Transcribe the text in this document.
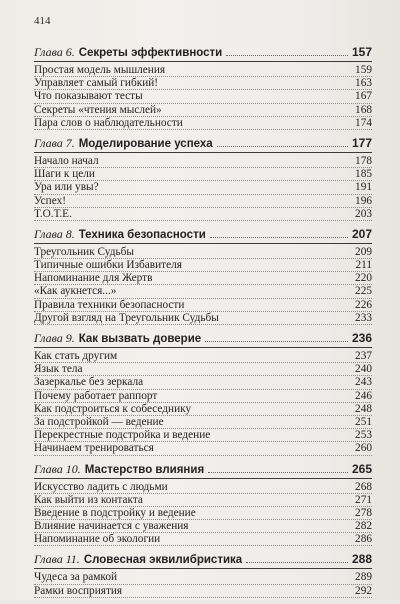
414
Глава 6. Секреты эффективности	157
Простая модель мышления	159
Управляет самый гибкий!	163
Что показывают тесты	167
Секреты «чтения мыслей»	168
Пара слов о наблюдательности	174
Глава 7. Моделирование успеха	177
Начало начал	178
Шаги к цели	185
Ура или увы?	191
Успех!	196
Т.О.Т.Е.	203
Глава 8. Техника безопасности	207
Треугольник Судьбы	209
Типичные ошибки Избавителя	211
Напоминание для Жертв	220
«Как аукнется...»	225
Правила техники безопасности	226
Другой взгляд на Треугольник Судьбы	233
Глава 9. Как вызвать доверие	236
Как стать другим	237
Язык тела	240
Зазеркалье без зеркала	243
Почему работает раппорт	246
Как подстроиться к собеседнику	248
За подстройкой — ведение	251
Перекрестные подстройка и ведение	253
Начинаем тренироваться	260
Глава 10. Мастерство влияния	265
Искусство ладить с людьми	268
Как выйти из контакта	271
Введение в подстройку и ведение	278
Влияние начинается с уважения	282
Напоминание об экологии	286
Глава 11. Словесная эквилибристика	288
Чудеса за рамкой	289
Рамки восприятия	292
